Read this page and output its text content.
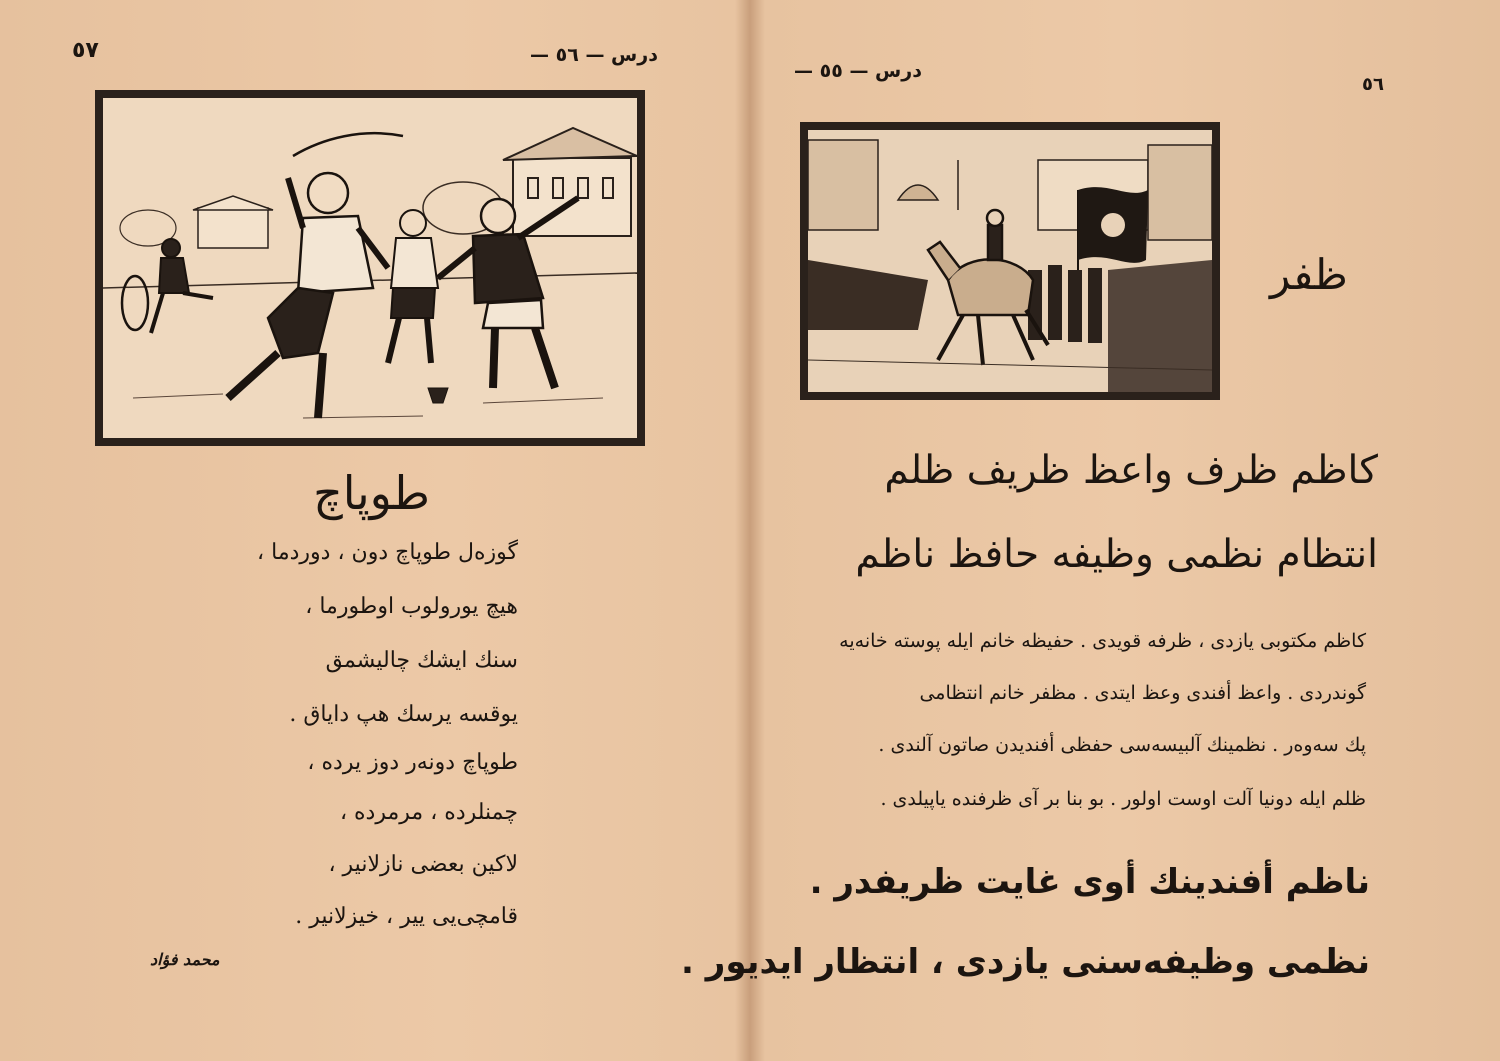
٥٧	درس — ٥٦ —
طوپاچ
گوزه‌ل طوپاچ دون ، دوردما ،
هیچ یورولوب اوطورما ،
سنك ایشك چالیشمق
یوقسه یرسك هپ دایاق .
طوپاچ دونه‌ر دوز یرده ،
چمنلرده ، مرمرده ،
لاكین بعضی نازلانیر ،
قامچی‌یی ییر ، خیزلانیر .
محمد فؤاد
٥٦
درس — ٥٥ —
ظفر
كاظم ظرف واعظ ظریف ظلم
انتظام نظمی وظیفه حافظ ناظم
كاظم مكتوبی یازدی ، ظرفه قویدی . حفیظه خانم ایله پوسته خانه‌یه
گوندردی . واعظ أفندی وعظ ایتدی . مظفر خانم انتظامی
پك سه‌وه‌ر . نظمینك آلبیسه‌سی حفظی أفندیدن صاتون آلندی .
ظلم ایله دونیا آلت اوست اولور . بو بنا بر آی ظرفنده یاپیلدی .
ناظم أفندینك أوی غایت ظریفدر .
نظمی وظیفه‌سنی یازدی ، انتظار ایدیور .
